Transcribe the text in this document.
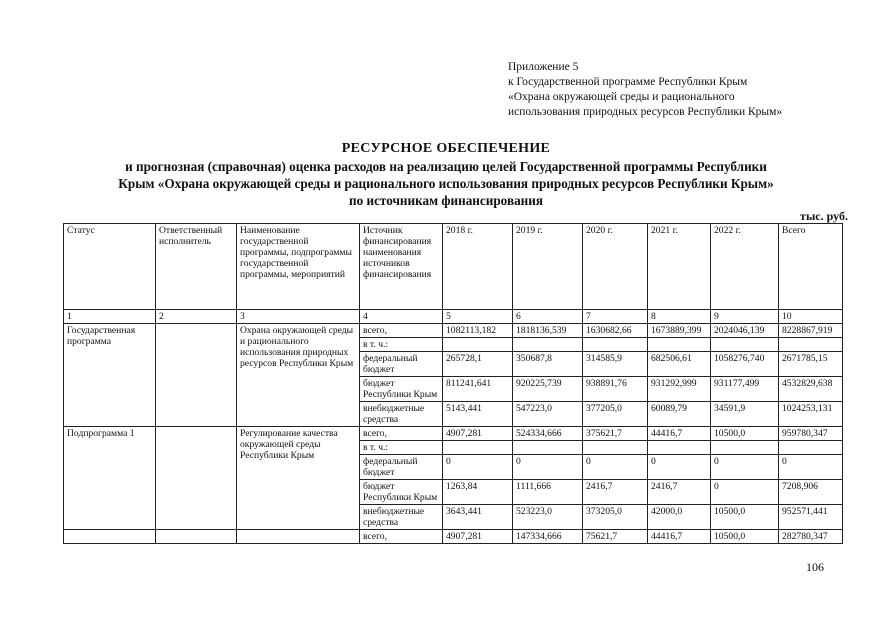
Приложение 5
к Государственной программе Республики Крым
«Охрана окружающей среды и рационального
использования природных ресурсов Республики Крым»
РЕСУРСНОЕ ОБЕСПЕЧЕНИЕ
и прогнозная (справочная) оценка расходов на реализацию целей Государственной программы Республики
Крым «Охрана окружающей среды и рационального использования природных ресурсов Республики Крым»
по источникам финансирования
тыс. руб.
Статус	Ответственный исполнитель	Наименование государственной программы, подпрограммы государственной программы, мероприятий	Источник финансирования наименования источников финансирования	2018 г.	2019 г.	2020 г.	2021 г.	2022 г.	Всего
1	2	3	4	5	6	7	8	9	10
Государственная программа		Охрана окружающей среды и рационального использования природных ресурсов Республики Крым	всего,	1082113,182	1818136,539	1630682,66	1673889,399	2024046,139	8228867,919
			в т. ч.:						
			федеральный бюджет	265728,1	350687,8	314585,9	682506,61	1058276,740	2671785,15
			бюджет Республики Крым	811241,641	920225,739	938891,76	931292,999	931177,499	4532829,638
			внебюджетные средства	5143,441	547223,0	377205,0	60089,79	34591,9	1024253,131
Подпрограмма 1		Регулирование качества окружающей среды Республики Крым	всего,	4907,281	524334,666	375621,7	44416,7	10500,0	959780,347
			в т. ч.:						
			федеральный бюджет	0	0	0	0	0	0
			бюджет Республики Крым	1263,84	1111,666	2416,7	2416,7	0	7208,906
			внебюджетные средства	3643,441	523223,0	373205,0	42000,0	10500,0	952571,441
			всего,	4907,281	147334,666	75621,7	44416,7	10500,0	282780,347
106
